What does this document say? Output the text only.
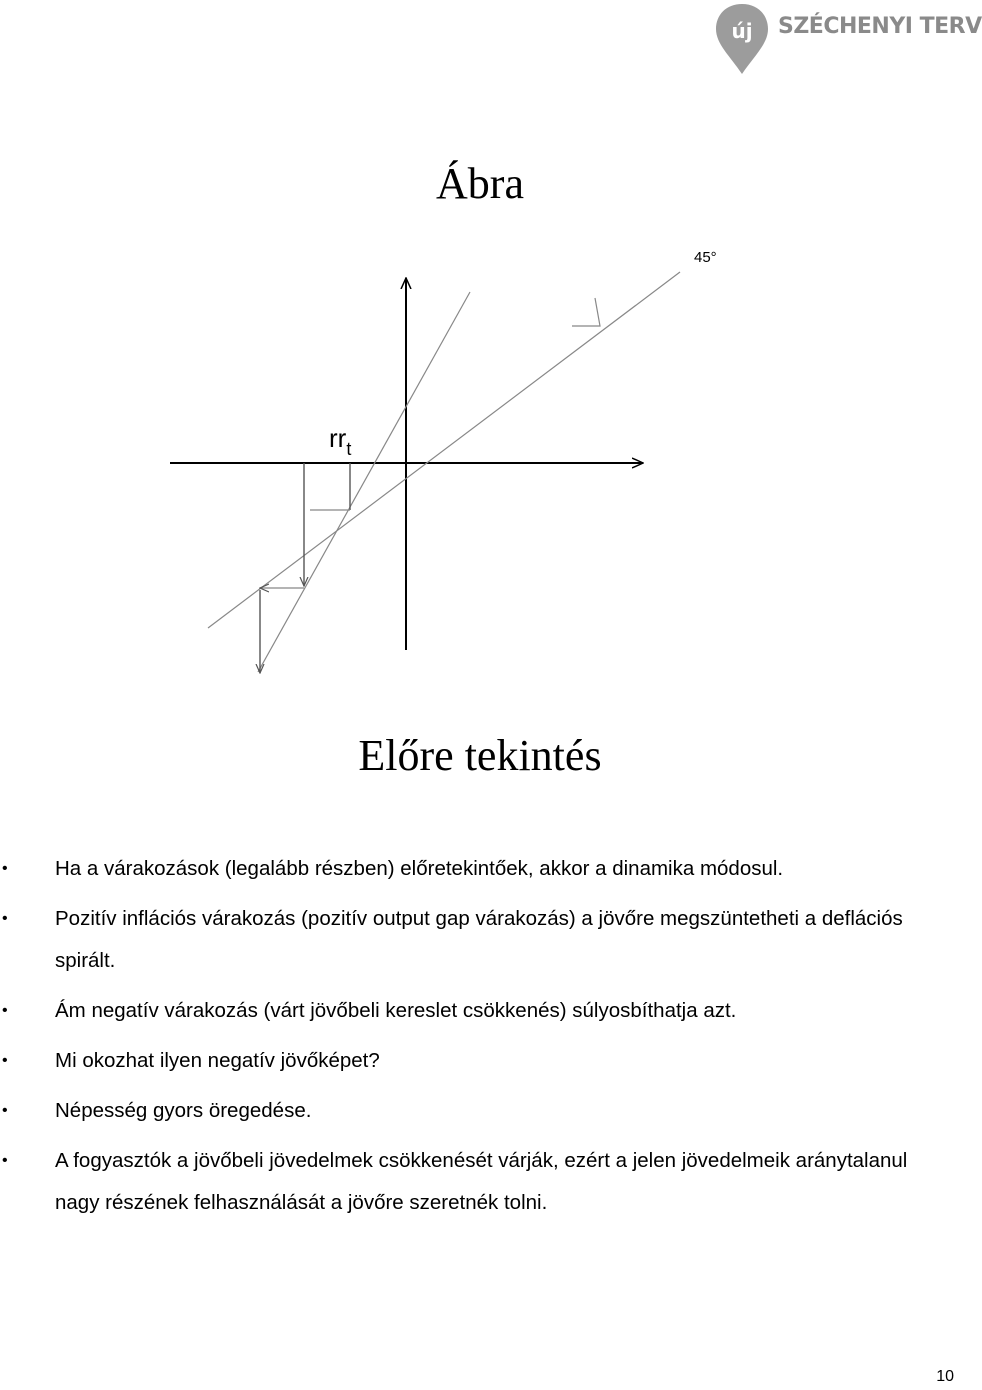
új SZÉCHENYI TERV
Ábra
45°
$rr_t$
Előre tekintés
• Ha a várakozások (legalább részben) előretekintőek, akkor a dinamika módosul.
• Pozitív inflációs várakozás (pozitív output gap várakozás) a jövőre megszüntetheti a deflációs spirált.
• Ám negatív várakozás (várt jövőbeli kereslet csökkenés) súlyosbíthatja azt.
• Mi okozhat ilyen negatív jövőképet?
• Népesség gyors öregedése.
• A fogyasztók a jövőbeli jövedelmek csökkenését várják, ezért a jelen jövedelmeik aránytalanul nagy részének felhasználását a jövőre szeretnék tolni.
10
